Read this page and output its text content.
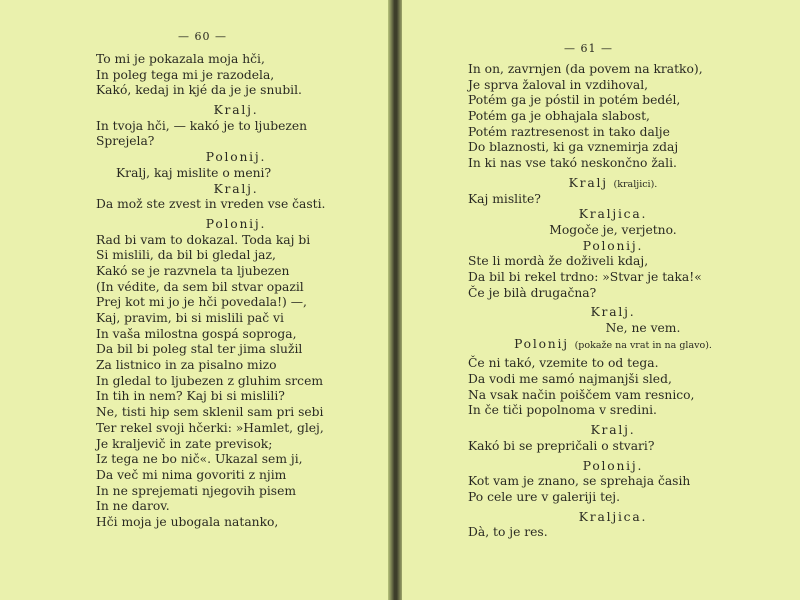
— 60 —
To mi je pokazala moja hči,
In poleg tega mi je razodela,
Kakó, kedaj in kjé da je je snubil.
Kralj.
In tvoja hči, — kakó je to ljubezen
Sprejela?
Polonij.
Kralj, kaj mislite o meni?
Kralj.
Da mož ste zvest in vreden vse časti.
Polonij.
Rad bi vam to dokazal. Toda kaj bi
Si mislili, da bil bi gledal jaz,
Kakó se je razvnela ta ljubezen
(In védite, da sem bil stvar opazil
Prej kot mi jo je hči povedala!) —,
Kaj, pravim, bi si mislili pač vi
In vaša milostna gospá soproga,
Da bil bi poleg stal ter jima služil
Za listnico in za pisalno mizo
In gledal to ljubezen z gluhim srcem
In tih in nem? Kaj bi si mislili?
Ne, tisti hip sem sklenil sam pri sebi
Ter rekel svoji hčerki: »Hamlet, glej,
Je kraljevič in zate previsok;
Iz tega ne bo nič«. Ukazal sem ji,
Da več mi nima govoriti z njim
In ne sprejemati njegovih pisem
In ne darov.
Hči moja je ubogala natanko,
— 61 —
In on, zavrnjen (da povem na kratko),
Je sprva žaloval in vzdihoval,
Potém ga je póstil in potém bedél,
Potém ga je obhajala slabost,
Potém raztresenost in tako dalje
Do blaznosti, ki ga vznemirja zdaj
In ki nas vse takó neskončno žali.
Kralj (kraljici).
Kaj mislite?
Kraljica.
Mogoče je, verjetno.
Polonij.
Ste li mordà že doživeli kdaj,
Da bil bi rekel trdno: »Stvar je taka!«
Če je bilà drugačna?
Kralj.
Ne, ne vem.
Polonij (pokaže na vrat in na glavo).
Če ni takó, vzemite to od tega.
Da vodi me samó najmanjši sled,
Na vsak način poiščem vam resnico,
In če tiči popolnoma v sredini.
Kralj.
Kakó bi se prepričali o stvari?
Polonij.
Kot vam je znano, se sprehaja časih
Po cele ure v galeriji tej.
Kraljica.
Dà, to je res.
